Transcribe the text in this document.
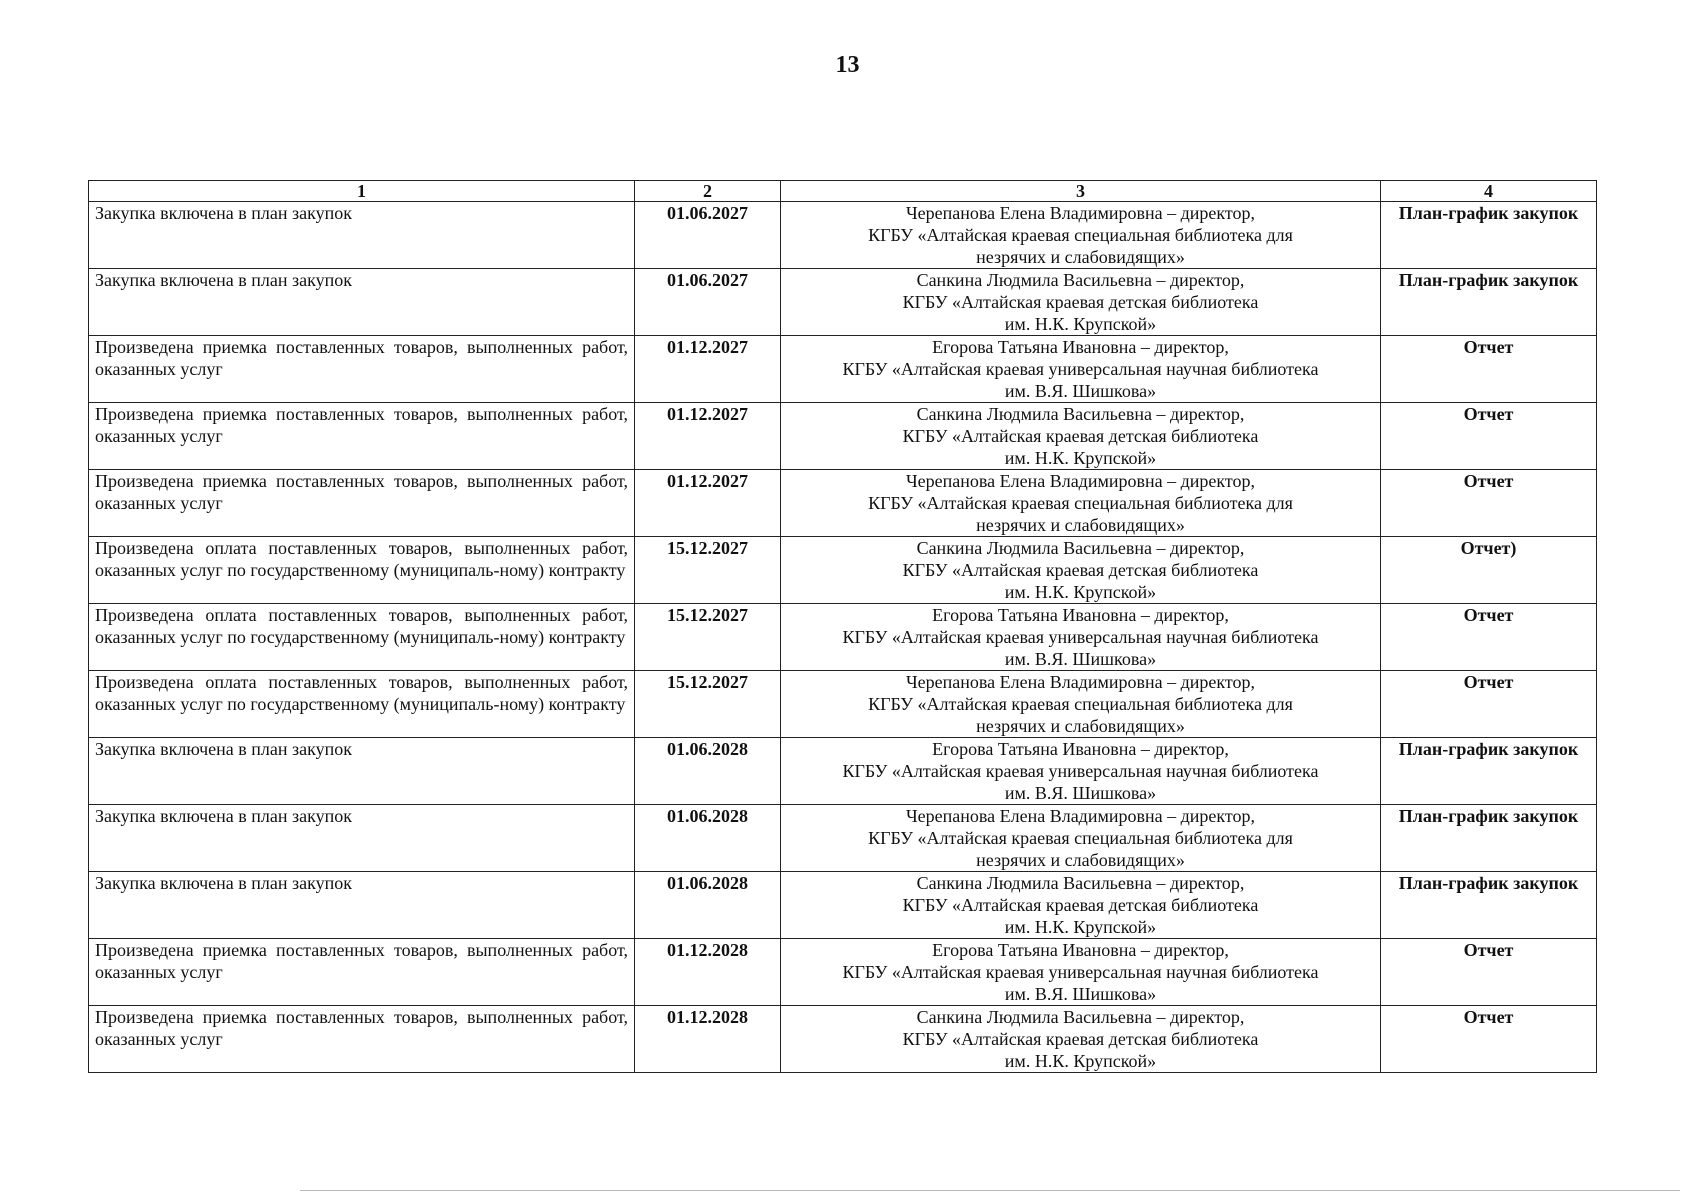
13
1	2	3	4
Закупка включена в план закупок	01.06.2027	Черепанова Елена Владимировна – директор,
КГБУ «Алтайская краевая специальная библиотека для
незрячих и слабовидящих»	План-график закупок
Закупка включена в план закупок	01.06.2027	Санкина Людмила Васильевна – директор,
КГБУ «Алтайская краевая детская библиотека
им. Н.К. Крупской»	План-график закупок
Произведена приемка поставленных товаров, выполненных работ, оказанных услуг	01.12.2027	Егорова Татьяна Ивановна – директор,
КГБУ «Алтайская краевая универсальная научная библиотека
им. В.Я. Шишкова»	Отчет
Произведена приемка поставленных товаров, выполненных работ, оказанных услуг	01.12.2027	Санкина Людмила Васильевна – директор,
КГБУ «Алтайская краевая детская библиотека
им. Н.К. Крупской»	Отчет
Произведена приемка поставленных товаров, выполненных работ, оказанных услуг	01.12.2027	Черепанова Елена Владимировна – директор,
КГБУ «Алтайская краевая специальная библиотека для
незрячих и слабовидящих»	Отчет
Произведена оплата поставленных товаров, выполненных работ, оказанных услуг по государственному (муниципаль-ному) контракту	15.12.2027	Санкина Людмила Васильевна – директор,
КГБУ «Алтайская краевая детская библиотека
им. Н.К. Крупской»	Отчет)
Произведена оплата поставленных товаров, выполненных работ, оказанных услуг по государственному (муниципаль-ному) контракту	15.12.2027	Егорова Татьяна Ивановна – директор,
КГБУ «Алтайская краевая универсальная научная библиотека
им. В.Я. Шишкова»	Отчет
Произведена оплата поставленных товаров, выполненных работ, оказанных услуг по государственному (муниципаль-ному) контракту	15.12.2027	Черепанова Елена Владимировна – директор,
КГБУ «Алтайская краевая специальная библиотека для
незрячих и слабовидящих»	Отчет
Закупка включена в план закупок	01.06.2028	Егорова Татьяна Ивановна – директор,
КГБУ «Алтайская краевая универсальная научная библиотека
им. В.Я. Шишкова»	План-график закупок
Закупка включена в план закупок	01.06.2028	Черепанова Елена Владимировна – директор,
КГБУ «Алтайская краевая специальная библиотека для
незрячих и слабовидящих»	План-график закупок
Закупка включена в план закупок	01.06.2028	Санкина Людмила Васильевна – директор,
КГБУ «Алтайская краевая детская библиотека
им. Н.К. Крупской»	План-график закупок
Произведена приемка поставленных товаров, выполненных работ, оказанных услуг	01.12.2028	Егорова Татьяна Ивановна – директор,
КГБУ «Алтайская краевая универсальная научная библиотека
им. В.Я. Шишкова»	Отчет
Произведена приемка поставленных товаров, выполненных работ, оказанных услуг	01.12.2028	Санкина Людмила Васильевна – директор,
КГБУ «Алтайская краевая детская библиотека
им. Н.К. Крупской»	Отчет
